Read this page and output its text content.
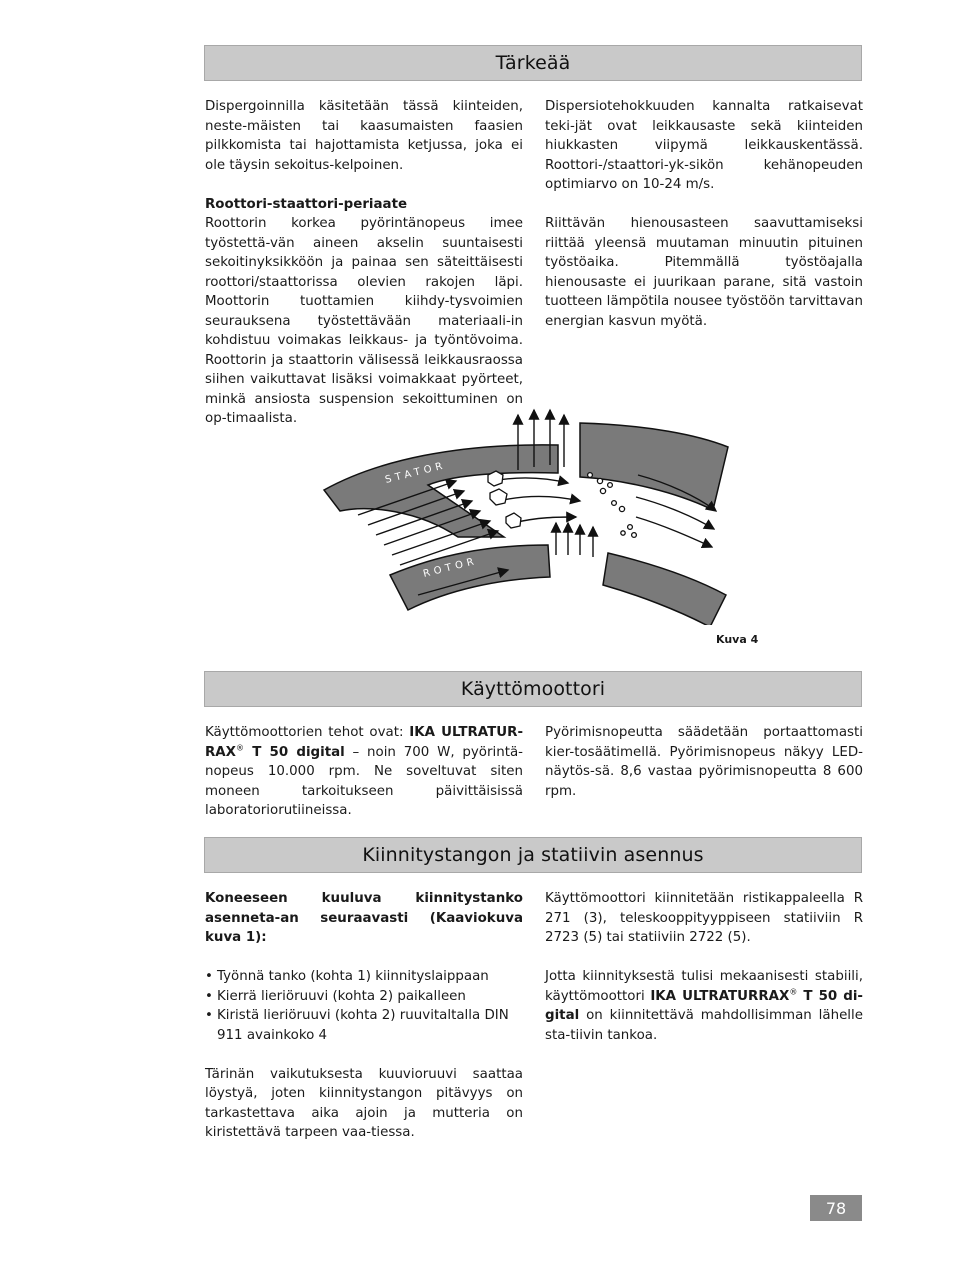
Tärkeää

Dispergoinnilla käsitetään tässä kiinteiden, neste-mäisten tai kaasumaisten faasien pilkkomista tai hajottamista ketjussa, joka ei ole täysin sekoitus-kelpoinen.

Roottori-staattori-periaate

Roottorin korkea pyörintänopeus imee työstettä-vän aineen akselin suuntaisesti sekoitinyksikköön ja painaa sen säteittäisesti roottori/staattorissa olevien rakojen läpi. Moottorin tuottamien kiihdy-tysvoimien seurauksena työstettävään materiaali-in kohdistuu voimakas leikkaus- ja työntövoima. Roottorin ja staattorin välisessä leikkausraossa siihen vaikuttavat lisäksi voimakkaat pyörteet, minkä ansiosta suspension sekoittuminen on op-timaalista.

Dispersiotehokkuuden kannalta ratkaisevat teki-jät ovat leikkausaste sekä kiinteiden hiukkasten viipymä leikkauskentässä. Roottori-/staattori-yk-sikön kehänopeuden optimiarvo on 10-24 m/s.

Riittävän hienousasteen saavuttamiseksi riittää yleensä muutaman minuutin pituinen työstöaika. Pitemmällä työstöajalla hienousaste ei juurikaan parane, sitä vastoin tuotteen lämpötila nousee työstöön tarvittavan energian kasvun myötä.

STATOR
ROTOR
Kuva 4
Käyttömoottori

Käyttömoottorien tehot ovat: IKA ULTRATUR-RAX® T 50 digital – noin 700 W, pyörintä-nopeus 10.000 rpm. Ne soveltuvat siten moneen tarkoitukseen päivittäisissä laboratoriorutiineissa.

Pyörimisnopeutta säädetään portaattomasti kier-tosäätimellä. Pyörimisnopeus näkyy LED-näytös-sä. 8,6 vastaa pyörimisnopeutta 8 600 rpm.

Kiinnitystangon ja statiivin asennus

Koneeseen kuuluva kiinnitystanko asenneta-an seuraavasti (Kaaviokuva kuva 1):

• Työnnä tanko (kohta 1) kiinnityslaippaan
• Kierrä lieriöruuvi (kohta 2) paikalleen
• Kiristä lieriöruuvi (kohta 2) ruuvitaltalla DIN 911 avainkoko 4

Tärinän vaikutuksesta kuuvioruuvi saattaa löystyä, joten kiinnitystangon pitävyys on tarkastettava aika ajoin ja mutteria on kiristettävä tarpeen vaa-tiessa.

Käyttömoottori kiinnitetään ristikappaleella R 271 (3), teleskooppityyppiseen statiiviin R 2723 (5) tai statiiviin 2722 (5).

Jotta kiinnityksestä tulisi mekaanisesti stabiili, käyttömoottori IKA ULTRATURRAX® T 50 di-gital on kiinnitettävä mahdollisimman lähelle sta-tiivin tankoa.

78
